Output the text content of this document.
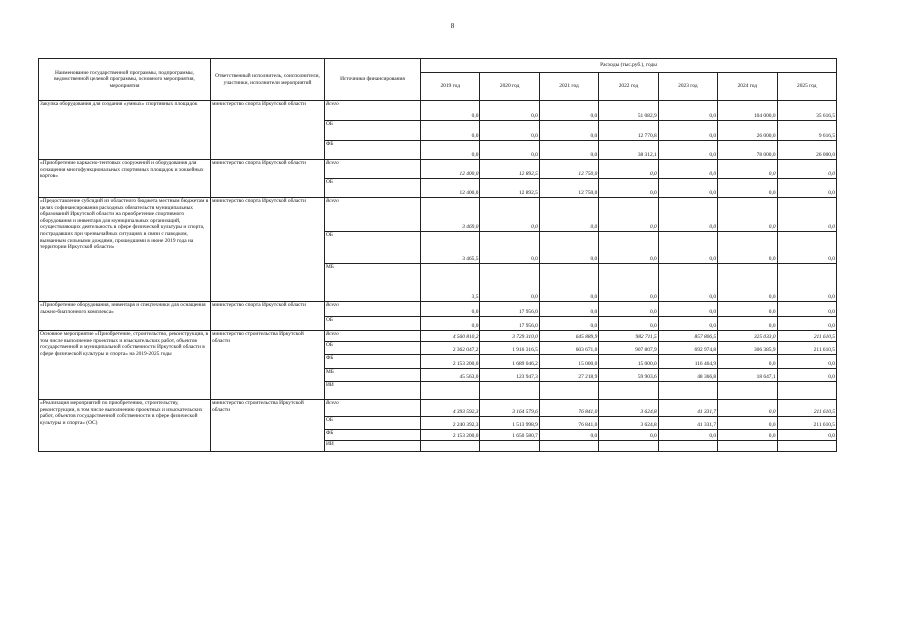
8
Наименование государственной программы, подпрограммы, ведомственной целевой программы, основного мероприятия, мероприятия	Ответственный исполнитель, соисполнители, участники, исполнители мероприятий	Источники финансирования	Расходы (тыс.руб.), годы						
			2019 год	2020 год	2021 год	2022 год	2023 год	2024 год	2025 год
Закупка оборудования для создания «умных» спортивных площадок	министерство спорта Иркутской области	Всего	0,0	0,0	0,0	51 082,9	0,0	104 000,0	35 616,5
		ОБ	0,0	0,0	0,0	12 770,8	0,0	26 000,0	9 616,5
		ФБ	0,0	0,0	0,0	38 312,1	0,0	78 000,0	26 000,0
«Приобретение каркасно-тентовых сооружений и оборудования для оснащения многофункциональных спортивных площадок и хоккейных кортов»	министерство спорта Иркутской области	Всего	12 400,0	12 892,5	12 750,0	0,0	0,0	0,0	0,0
		ОБ	12 400,0	12 892,5	12 750,0	0,0	0,0	0,0	0,0
«Предоставление субсидий из областного бюджета местным бюджетам в целях софинансирования расходных обязательств муниципальных образований Иркутской области на приобретение спортивного оборудования и инвентаря для муниципальных организаций, осуществляющих деятельность в сфере физической культуры и спорта, пострадавших при чрезвычайных ситуациях в связи с паводком, вызванным сильными дождями, прошедшими в июне 2019 года на территории Иркутской области»	министерство спорта Иркутской области	Всего	3 469,0	0,0	0,0	0,0	0,0	0,0	0,0
		ОБ	3 465,5	0,0	0,0	0,0	0,0	0,0	0,0
		МБ	3,5	0,0	0,0	0,0	0,0	0,0	0,0
«Приобретение оборудования, инвентаря и спецтехники для оснащения лыжно-биатлонного комплекса»	министерство спорта Иркутской области	Всего	0,0	17 956,0	0,0	0,0	0,0	0,0	0,0
		ОБ	0,0	17 956,0	0,0	0,0	0,0	0,0	0,0
Основное мероприятие «Приобретение, строительство, реконструкция, в том числе выполнение проектных и изыскательских работ, объектов государственной и муниципальной собственности Иркутской области в сфере физической культуры и спорта» на 2019-2025 годы	министерство строительства Иркутской области	Всего	4 560 810,2	3 729 310,0	645 889,9	982 711,5	857 806,5	325 033,0	211 610,5
		ОБ	2 362 047,2	1 916 316,5	603 671,0	907 807,9	692 974,8	306 385,9	211 610,5
		ФБ	2 153 200,0	1 689 046,2	15 000,0	15 000,0	116 464,9	0,0	0,0
		МБ	45 563,0	123 947,3	27 218,9	59 903,6	48 366,8	18 647,1	0,0
		ИИ							
«Реализация мероприятий по приобретению, строительству, реконструкции, в том числе выполнению проектных и изыскательских работ, объектов государственной собственности в сфере физической культуры и спорта» (ОС)	министерство строительства Иркутской области	Всего	4 393 592,3	3 164 579,6	76 841,0	3 624,8	41 331,7	0,0	211 610,5
		ОБ	2 240 392,3	1 513 998,9	76 841,0	3 624,8	41 331,7	0,0	211 610,5
		ФБ	2 153 200,0	1 650 580,7	0,0	0,0	0,0	0,0	0,0
		ИИ							
